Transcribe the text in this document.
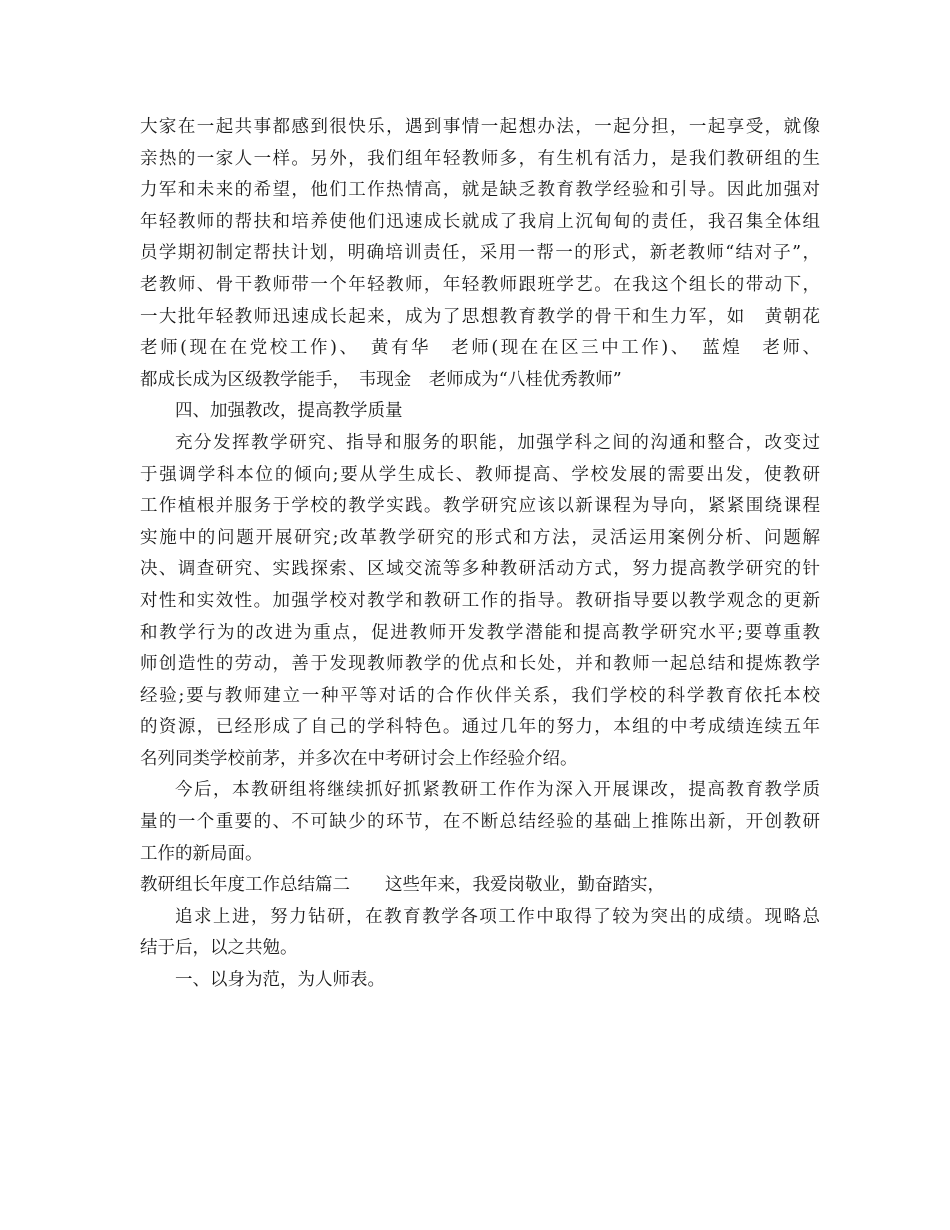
大家在一起共事都感到很快乐，遇到事情一起想办法，一起分担，一起享受，就像
亲热的一家人一样。另外，我们组年轻教师多，有生机有活力，是我们教研组的生
力军和未来的希望，他们工作热情高，就是缺乏教育教学经验和引导。因此加强对
年轻教师的帮扶和培养使他们迅速成长就成了我肩上沉甸甸的责任，我召集全体组
员学期初制定帮扶计划，明确培训责任，采用一帮一的形式，新老教师“结对子”，
老教师、骨干教师带一个年轻教师，年轻教师跟班学艺。在我这个组长的带动下，
一大批年轻教师迅速成长起来，成为了思想教育教学的骨干和生力军，如　黄朝花
老师(现在在党校工作)、　黄有华　老师(现在在区三中工作)、　蓝煌　老师、
都成长成为区级教学能手，　韦现金　老师成为“八桂优秀教师”
四、加强教改，提高教学质量
充分发挥教学研究、指导和服务的职能，加强学科之间的沟通和整合，改变过
于强调学科本位的倾向;要从学生成长、教师提高、学校发展的需要出发，使教研
工作植根并服务于学校的教学实践。教学研究应该以新课程为导向，紧紧围绕课程
实施中的问题开展研究;改革教学研究的形式和方法，灵活运用案例分析、问题解
决、调查研究、实践探索、区域交流等多种教研活动方式，努力提高教学研究的针
对性和实效性。加强学校对教学和教研工作的指导。教研指导要以教学观念的更新
和教学行为的改进为重点，促进教师开发教学潜能和提高教学研究水平;要尊重教
师创造性的劳动，善于发现教师教学的优点和长处，并和教师一起总结和提炼教学
经验;要与教师建立一种平等对话的合作伙伴关系，我们学校的科学教育依托本校
的资源，已经形成了自己的学科特色。通过几年的努力，本组的中考成绩连续五年
名列同类学校前茅，并多次在中考研讨会上作经验介绍。
今后，本教研组将继续抓好抓紧教研工作作为深入开展课改，提高教育教学质
量的一个重要的、不可缺少的环节，在不断总结经验的基础上推陈出新，开创教研
工作的新局面。
教研组长年度工作总结篇二　　这些年来，我爱岗敬业，勤奋踏实，
追求上进，努力钻研，在教育教学各项工作中取得了较为突出的成绩。现略总
结于后，以之共勉。
一、以身为范，为人师表。
